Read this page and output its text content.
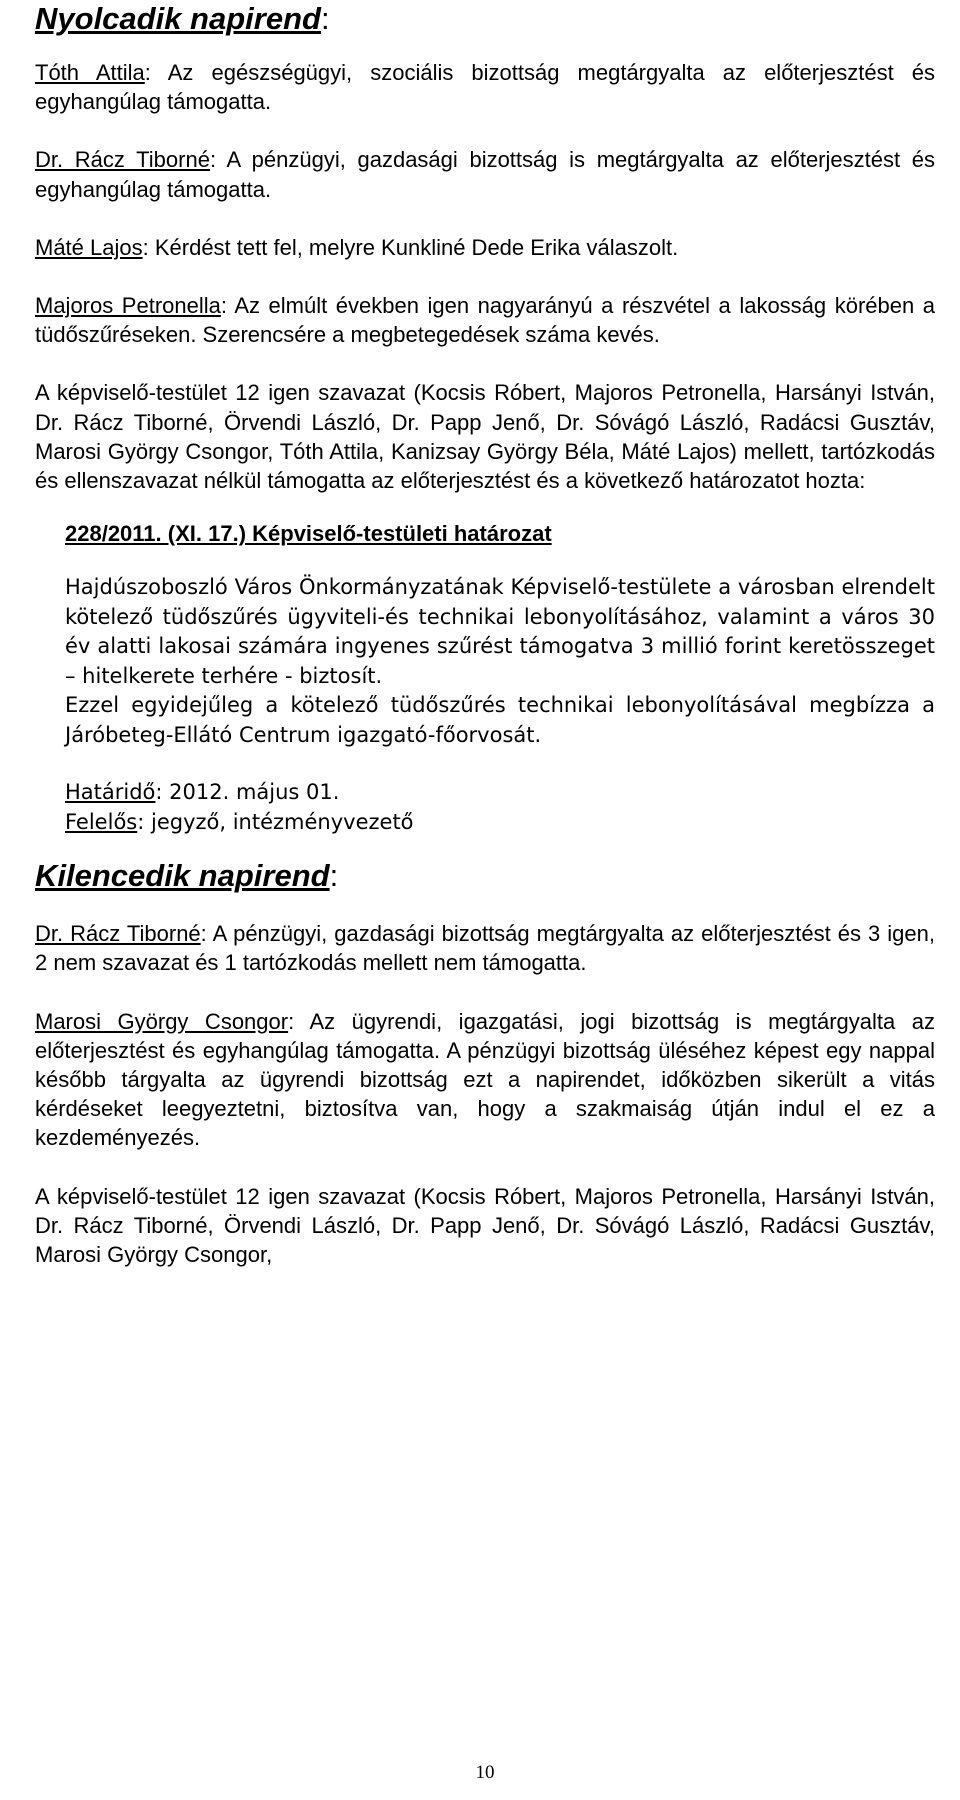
Nyolcadik napirend:

Tóth Attila: Az egészségügyi, szociális bizottság megtárgyalta az előterjesztést és egyhangúlag támogatta.

Dr. Rácz Tiborné: A pénzügyi, gazdasági bizottság is megtárgyalta az előterjesztést és egyhangúlag támogatta.

Máté Lajos: Kérdést tett fel, melyre Kunkliné Dede Erika válaszolt.

Majoros Petronella: Az elmúlt években igen nagyarányú a részvétel a lakosság körében a tüdőszűréseken. Szerencsére a megbetegedések száma kevés.

A képviselő-testület 12 igen szavazat (Kocsis Róbert, Majoros Petronella, Harsányi István, Dr. Rácz Tiborné, Örvendi László, Dr. Papp Jenő, Dr. Sóvágó László, Radácsi Gusztáv, Marosi György Csongor, Tóth Attila, Kanizsay György Béla, Máté Lajos) mellett, tartózkodás és ellenszavazat nélkül támogatta az előterjesztést és a következő határozatot hozta:

228/2011. (XI. 17.) Képviselő-testületi határozat

Hajdúszoboszló Város Önkormányzatának Képviselő-testülete a városban elrendelt kötelező tüdőszűrés ügyviteli-és technikai lebonyolításához, valamint a város 30 év alatti lakosai számára ingyenes szűrést támogatva 3 millió forint keretösszeget – hitelkerete terhére - biztosít.

Ezzel egyidejűleg a kötelező tüdőszűrés technikai lebonyolításával megbízza a Járóbeteg-Ellátó Centrum igazgató-főorvosát.

Határidő: 2012. május 01.

Felelős: jegyző, intézményvezető

Kilencedik napirend:

Dr. Rácz Tiborné: A pénzügyi, gazdasági bizottság megtárgyalta az előterjesztést és 3 igen, 2 nem szavazat és 1 tartózkodás mellett nem támogatta.

Marosi György Csongor: Az ügyrendi, igazgatási, jogi bizottság is megtárgyalta az előterjesztést és egyhangúlag támogatta. A pénzügyi bizottság üléséhez képest egy nappal később tárgyalta az ügyrendi bizottság ezt a napirendet, időközben sikerült a vitás kérdéseket leegyeztetni, biztosítva van, hogy a szakmaiság útján indul el ez a kezdeményezés.

A képviselő-testület 12 igen szavazat (Kocsis Róbert, Majoros Petronella, Harsányi István, Dr. Rácz Tiborné, Örvendi László, Dr. Papp Jenő, Dr. Sóvágó László, Radácsi Gusztáv, Marosi György Csongor,

10
